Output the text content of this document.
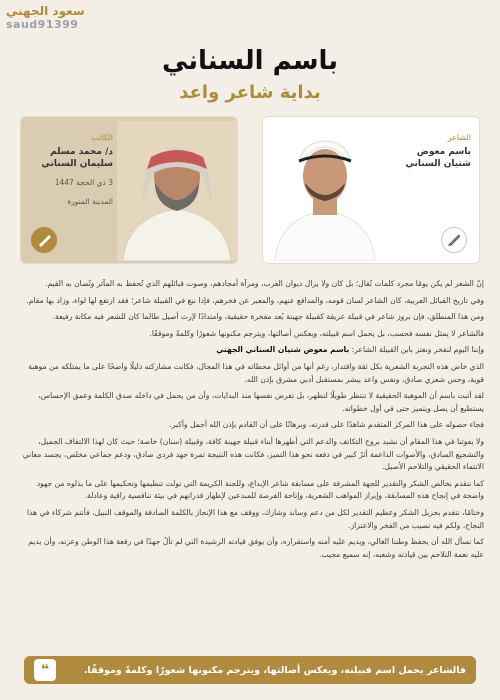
سعود الجهني
saud91399
باسم السناني
بداية شاعر واعد
الشاعر
باسم معوض
شتيان السناني
الكاتب
د/ محمد مسلم
سليمان السناني
3 ذي الحجة 1447
المدينة المنورة

إنّ الشعر لم يكن يومًا مجرد كلمات تُقال؛ بل كان ولا يزال ديوان العرب، ومرآة أمجادهم، وصوت قبائلهم الذي تُحفظ به المآثر وتُصان به القيم.

وفي تاريخ القبائل العربية، كان الشاعر لسان قومه، والمدافع عنهم، والمعبر عن فخرهم، فإذا نبغ في القبيلة شاعر؛ فقد ارتفع لها لواء، وزاد بها مقام.

ومن هذا المنطلق، فإن بروز شاعر في قبيلة عريقة كقبيلة جهينة يُعد مفخرة حقيقية، وامتدادًا لإرث أصيل طالما كان للشعر فيه مكانة رفيعة.

فالشاعر لا يمثل نفسه فحسب، بل يحمل اسم قبيلته، ويعكس أصالتها، ويترجم مكنونها شعورًا وكلمةً وموقفًا.

وإننا اليوم لنفخر ونعتز بابن القبيلة الشاعر: باسم معوض شتيان السناني الجهني

الذي خاض هذه التجربة الشعرية بكل ثقة واقتدار، رغم أنها من أوائل محطاته في هذا المجال، فكانت مشاركته دليلًا واضحًا على ما يمتلكه من موهبة قوية، وحس شعري صادق، ونفس واعد يبشر بمستقبل أدبي مشرق بإذن الله.

لقد أثبت باسم أن الموهبة الحقيقية لا تنتظر طويلًا لتظهر، بل تفرض نفسها منذ البدايات، وأن من يحمل في داخله صدق الكلمة وعمق الإحساس، يستطيع أن يصل ويتميز حتى في أول خطواته.

فجاء حصوله على هذا المركز المتقدم شاهدًا على قدرته، وبرهانًا على أن القادم بإذن الله أجمل وأكبر.

ولا يفوتنا في هذا المقام أن نشيد بروح التكاتف والدعم التي أظهرها أبناء قبيلة جهينة كافة، وقبيلة (سنان) خاصة؛ حيث كان لهذا الالتفاف الجميل، والتشجيع الصادق، والأصوات الداعمة أثرٌ كبير في دفعه نحو هذا التميز، فكانت هذه النتيجة ثمرة جهد فردي صادق، ودعم جماعي مخلص، يجسد معاني الانتماء الحقيقي والتلاحم الأصيل.

كما نتقدم بخالص الشكر والتقدير للجهة المشرفة على مسابقة شاعر الإبداع، وللجنة الكريمة التي تولت تنظيمها وتحكيمها على ما بذلوه من جهود واضحة في إنجاح هذه المسابقة، وإبراز المواهب الشعرية، وإتاحة الفرصة للمبدعين لإظهار قدراتهم في بيئة تنافسية راقية وعادلة.

وختامًا، نتقدم بجزيل الشكر وعظيم التقدير لكل من دعم وساند وشارك، ووقف مع هذا الإنجاز بالكلمة الصادقة والموقف النبيل، فأنتم شركاء في هذا النجاح، ولكم فيه نصيب من الفخر والاعتزاز.

كما نسأل الله أن يحفظ وطننا الغالي، ويديم عليه أمنه واستقراره، وأن يوفق قيادته الرشيدة التي لم تألُ جهدًا في رفعة هذا الوطن وعزته، وأن يديم عليه نعمة التلاحم بين قيادته وشعبه، إنه سميع مجيب.

فالشاعر يحمل اسم قبيلته، ويعكس أصالتها، ويترجم مكنونها شعورًا وكلمةً وموقفًا.
❝
